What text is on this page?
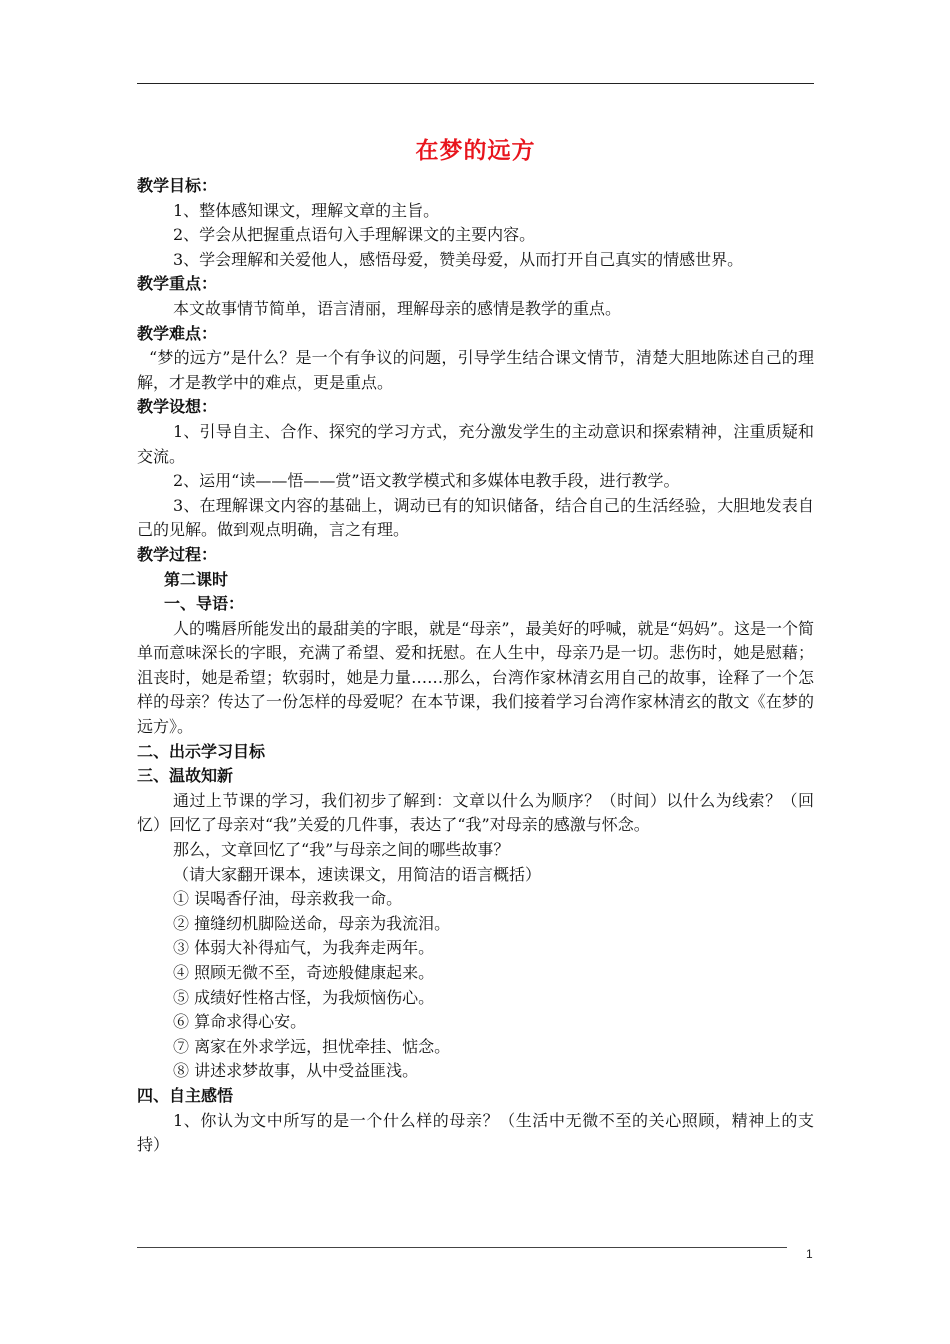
在梦的远方

教学目标：

1、整体感知课文，理解文章的主旨。

2、学会从把握重点语句入手理解课文的主要内容。

3、学会理解和关爱他人，感悟母爱，赞美母爱，从而打开自己真实的情感世界。

教学重点：

本文故事情节简单，语言清丽，理解母亲的感情是教学的重点。

教学难点：

“梦的远方”是什么？是一个有争议的问题，引导学生结合课文情节，清楚大胆地陈述自己的理解，才是教学中的难点，更是重点。

教学设想：

1、引导自主、合作、探究的学习方式，充分激发学生的主动意识和探索精神，注重质疑和交流。

2、运用“读——悟——赏”语文教学模式和多媒体电教手段，进行教学。

3、在理解课文内容的基础上，调动已有的知识储备，结合自己的生活经验，大胆地发表自己的见解。做到观点明确，言之有理。

教学过程：

第二课时

一、导语：

人的嘴唇所能发出的最甜美的字眼，就是“母亲”，最美好的呼喊，就是“妈妈”。这是一个简单而意味深长的字眼，充满了希望、爱和抚慰。在人生中，母亲乃是一切。悲伤时，她是慰藉；沮丧时，她是希望；软弱时，她是力量……那么，台湾作家林清玄用自己的故事，诠释了一个怎样的母亲？传达了一份怎样的母爱呢？在本节课，我们接着学习台湾作家林清玄的散文《在梦的远方》。

二、出示学习目标

三、温故知新

通过上节课的学习，我们初步了解到：文章以什么为顺序？（时间）以什么为线索？（回忆）回忆了母亲对“我”关爱的几件事，表达了“我”对母亲的感激与怀念。

那么，文章回忆了“我”与母亲之间的哪些故事？

（请大家翻开课本，速读课文，用简洁的语言概括）

① 误喝香仔油，母亲救我一命。

② 撞缝纫机脚险送命，母亲为我流泪。

③ 体弱大补得疝气，为我奔走两年。

④ 照顾无微不至，奇迹般健康起来。

⑤ 成绩好性格古怪，为我烦恼伤心。

⑥ 算命求得心安。

⑦ 离家在外求学远，担忧牵挂、惦念。

⑧ 讲述求梦故事，从中受益匪浅。

四、自主感悟

1、你认为文中所写的是一个什么样的母亲？（生活中无微不至的关心照顾，精神上的支持）

1
